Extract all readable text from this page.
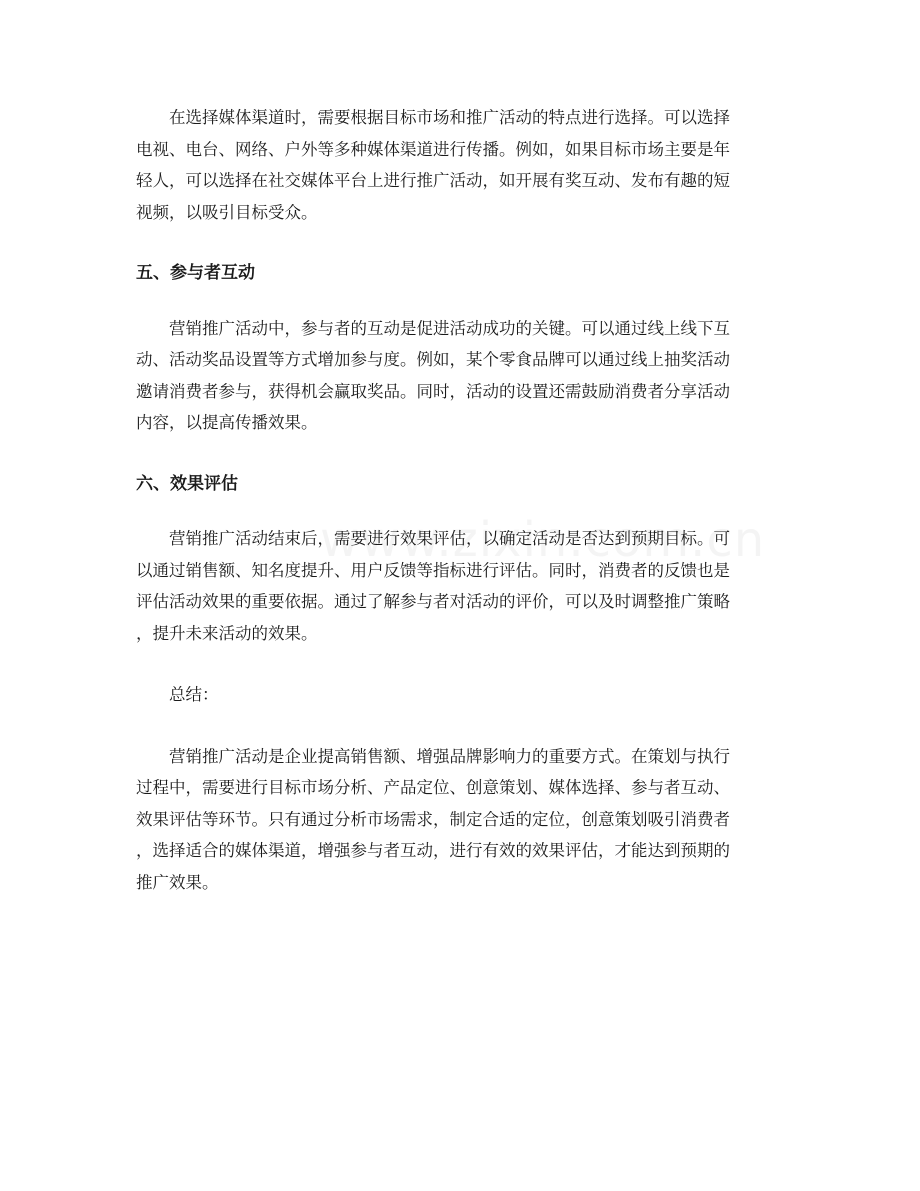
在选择媒体渠道时，需要根据目标市场和推广活动的特点进行选择。可以选择
电视、电台、网络、户外等多种媒体渠道进行传播。例如，如果目标市场主要是年
轻人，可以选择在社交媒体平台上进行推广活动，如开展有奖互动、发布有趣的短
视频，以吸引目标受众。

五、参与者互动

营销推广活动中，参与者的互动是促进活动成功的关键。可以通过线上线下互
动、活动奖品设置等方式增加参与度。例如，某个零食品牌可以通过线上抽奖活动
邀请消费者参与，获得机会赢取奖品。同时，活动的设置还需鼓励消费者分享活动
内容，以提高传播效果。

六、效果评估

营销推广活动结束后，需要进行效果评估，以确定活动是否达到预期目标。可
以通过销售额、知名度提升、用户反馈等指标进行评估。同时，消费者的反馈也是
评估活动效果的重要依据。通过了解参与者对活动的评价，可以及时调整推广策略
，提升未来活动的效果。

总结：

营销推广活动是企业提高销售额、增强品牌影响力的重要方式。在策划与执行
过程中，需要进行目标市场分析、产品定位、创意策划、媒体选择、参与者互动、
效果评估等环节。只有通过分析市场需求，制定合适的定位，创意策划吸引消费者
，选择适合的媒体渠道，增强参与者互动，进行有效的效果评估，才能达到预期的
推广效果。
